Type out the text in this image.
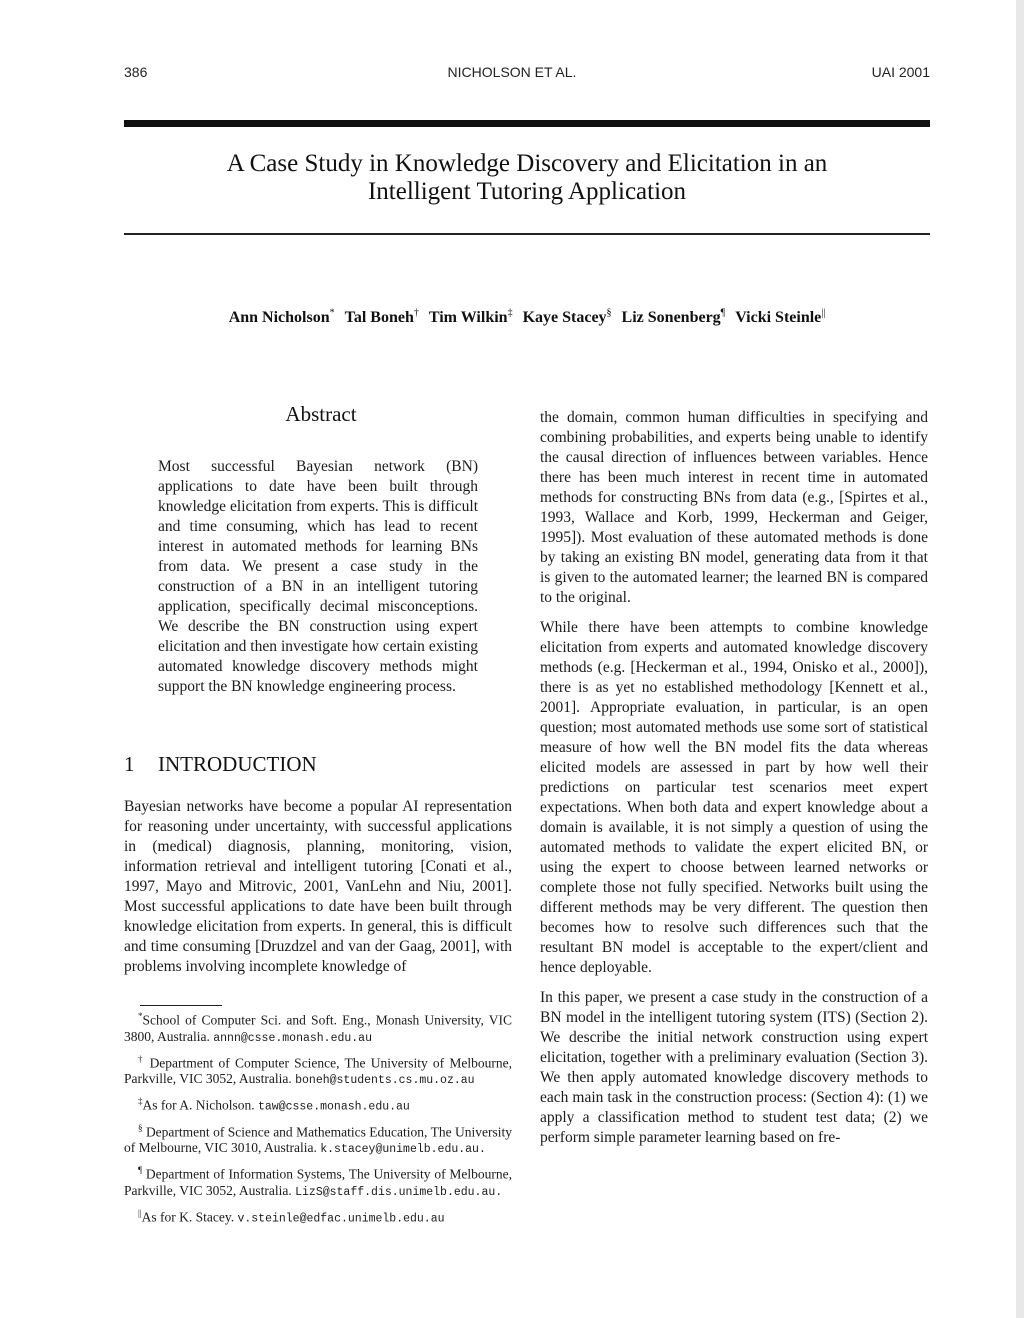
386	NICHOLSON ET AL.	UAI 2001
A Case Study in Knowledge Discovery and Elicitation in an
Intelligent Tutoring Application
Ann Nicholson* Tal Boneh† Tim Wilkin‡ Kaye Stacey§ Liz Sonenberg¶ Vicki Steinle||
Abstract
Most successful Bayesian network (BN) applications to date have been built through knowledge elicitation from experts. This is difficult and time consuming, which has lead to recent interest in automated methods for learning BNs from data. We present a case study in the construction of a BN in an intelligent tutoring application, specifically decimal misconceptions. We describe the BN construction using expert elicitation and then investigate how certain existing automated knowledge discovery methods might support the BN knowledge engineering process.
1 INTRODUCTION
Bayesian networks have become a popular AI representation for reasoning under uncertainty, with successful applications in (medical) diagnosis, planning, monitoring, vision, information retrieval and intelligent tutoring [Conati et al., 1997, Mayo and Mitrovic, 2001, VanLehn and Niu, 2001]. Most successful applications to date have been built through knowledge elicitation from experts. In general, this is difficult and time consuming [Druzdzel and van der Gaag, 2001], with problems involving incomplete knowledge of

*School of Computer Sci. and Soft. Eng., Monash University, VIC 3800, Australia. annn@csse.monash.edu.au

† Department of Computer Science, The University of Melbourne, Parkville, VIC 3052, Australia. boneh@students.cs.mu.oz.au

‡As for A. Nicholson. taw@csse.monash.edu.au

§ Department of Science and Mathematics Education, The University of Melbourne, VIC 3010, Australia. k.stacey@unimelb.edu.au.

¶ Department of Information Systems, The University of Melbourne, Parkville, VIC 3052, Australia. LizS@staff.dis.unimelb.edu.au.

||As for K. Stacey. v.steinle@edfac.unimelb.edu.au

the domain, common human difficulties in specifying and combining probabilities, and experts being unable to identify the causal direction of influences between variables. Hence there has been much interest in recent time in automated methods for constructing BNs from data (e.g., [Spirtes et al., 1993, Wallace and Korb, 1999, Heckerman and Geiger, 1995]). Most evaluation of these automated methods is done by taking an existing BN model, generating data from it that is given to the automated learner; the learned BN is compared to the original.

While there have been attempts to combine knowledge elicitation from experts and automated knowledge discovery methods (e.g. [Heckerman et al., 1994, Onisko et al., 2000]), there is as yet no established methodology [Kennett et al., 2001]. Appropriate evaluation, in particular, is an open question; most automated methods use some sort of statistical measure of how well the BN model fits the data whereas elicited models are assessed in part by how well their predictions on particular test scenarios meet expert expectations. When both data and expert knowledge about a domain is available, it is not simply a question of using the automated methods to validate the expert elicited BN, or using the expert to choose between learned networks or complete those not fully specified. Networks built using the different methods may be very different. The question then becomes how to resolve such differences such that the resultant BN model is acceptable to the expert/client and hence deployable.

In this paper, we present a case study in the construction of a BN model in the intelligent tutoring system (ITS) (Section 2). We describe the initial network construction using expert elicitation, together with a preliminary evaluation (Section 3). We then apply automated knowledge discovery methods to each main task in the construction process: (Section 4): (1) we apply a classification method to student test data; (2) we perform simple parameter learning based on fre-
